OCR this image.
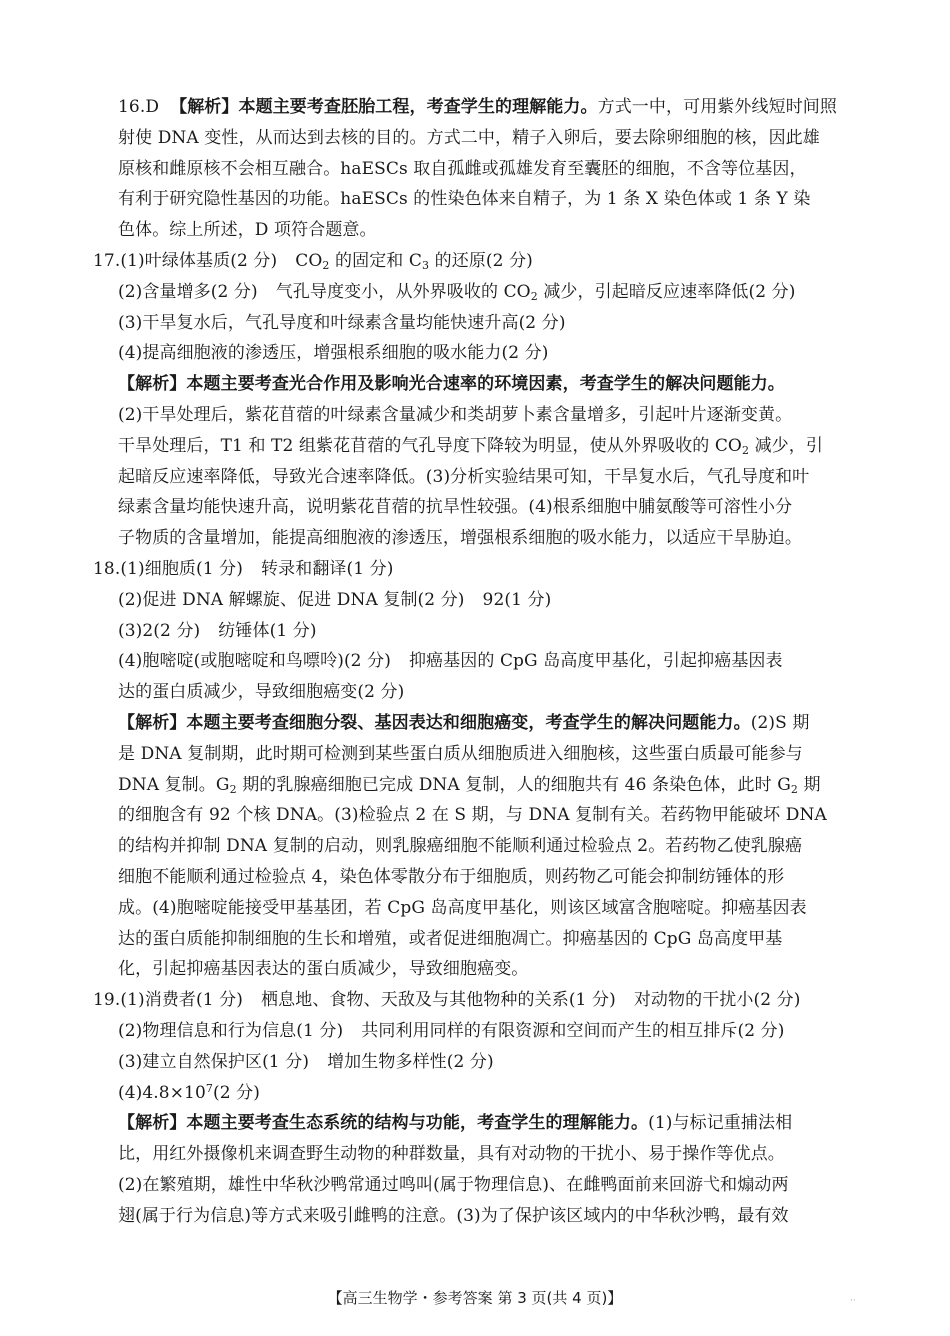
16.D 【解析】本题主要考查胚胎工程，考查学生的理解能力。方式一中，可用紫外线短时间照
射使 DNA 变性，从而达到去核的目的。方式二中，精子入卵后，要去除卵细胞的核，因此雄
原核和雌原核不会相互融合。haESCs 取自孤雌或孤雄发育至囊胚的细胞，不含等位基因，
有利于研究隐性基因的功能。haESCs 的性染色体来自精子，为 1 条 X 染色体或 1 条 Y 染
色体。综上所述，D 项符合题意。
17.(1)叶绿体基质(2 分) $CO_2$ 的固定和 $C_3$ 的还原(2 分)
(2)含量增多(2 分) 气孔导度变小，从外界吸收的 $CO_2$ 减少，引起暗反应速率降低(2 分)
(3)干旱复水后，气孔导度和叶绿素含量均能快速升高(2 分)
(4)提高细胞液的渗透压，增强根系细胞的吸水能力(2 分)
【解析】本题主要考查光合作用及影响光合速率的环境因素，考查学生的解决问题能力。
(2)干旱处理后，紫花苜蓿的叶绿素含量减少和类胡萝卜素含量增多，引起叶片逐渐变黄。
干旱处理后，T1 和 T2 组紫花苜蓿的气孔导度下降较为明显，使从外界吸收的 $CO_2$ 减少，引
起暗反应速率降低，导致光合速率降低。(3)分析实验结果可知，干旱复水后，气孔导度和叶
绿素含量均能快速升高，说明紫花苜蓿的抗旱性较强。(4)根系细胞中脯氨酸等可溶性小分
子物质的含量增加，能提高细胞液的渗透压，增强根系细胞的吸水能力，以适应干旱胁迫。
18.(1)细胞质(1 分) 转录和翻译(1 分)
(2)促进 DNA 解螺旋、促进 DNA 复制(2 分) 92(1 分)
(3)2(2 分) 纺锤体(1 分)
(4)胞嘧啶(或胞嘧啶和鸟嘌呤)(2 分) 抑癌基因的 CpG 岛高度甲基化，引起抑癌基因表
达的蛋白质减少，导致细胞癌变(2 分)
【解析】本题主要考查细胞分裂、基因表达和细胞癌变，考查学生的解决问题能力。(2)S 期
是 DNA 复制期，此时期可检测到某些蛋白质从细胞质进入细胞核，这些蛋白质最可能参与
DNA 复制。$G_2$ 期的乳腺癌细胞已完成 DNA 复制，人的细胞共有 46 条染色体，此时 $G_2$ 期
的细胞含有 92 个核 DNA。(3)检验点 2 在 S 期，与 DNA 复制有关。若药物甲能破坏 DNA
的结构并抑制 DNA 复制的启动，则乳腺癌细胞不能顺利通过检验点 2。若药物乙使乳腺癌
细胞不能顺利通过检验点 4，染色体零散分布于细胞质，则药物乙可能会抑制纺锤体的形
成。(4)胞嘧啶能接受甲基基团，若 CpG 岛高度甲基化，则该区域富含胞嘧啶。抑癌基因表
达的蛋白质能抑制细胞的生长和增殖，或者促进细胞凋亡。抑癌基因的 CpG 岛高度甲基
化，引起抑癌基因表达的蛋白质减少，导致细胞癌变。
19.(1)消费者(1 分) 栖息地、食物、天敌及与其他物种的关系(1 分) 对动物的干扰小(2 分)
(2)物理信息和行为信息(1 分) 共同利用同样的有限资源和空间而产生的相互排斥(2 分)
(3)建立自然保护区(1 分) 增加生物多样性(2 分)
$(4)4.8\times 10^7(2$ 分)
【解析】本题主要考查生态系统的结构与功能，考查学生的理解能力。(1)与标记重捕法相
比，用红外摄像机来调查野生动物的种群数量，具有对动物的干扰小、易于操作等优点。
(2)在繁殖期，雄性中华秋沙鸭常通过鸣叫(属于物理信息)、在雌鸭面前来回游弋和煽动两
翅(属于行为信息)等方式来吸引雌鸭的注意。(3)为了保护该区域内的中华秋沙鸭，最有效
【高三生物学・参考答案 第 3 页(共 4 页)】	··
